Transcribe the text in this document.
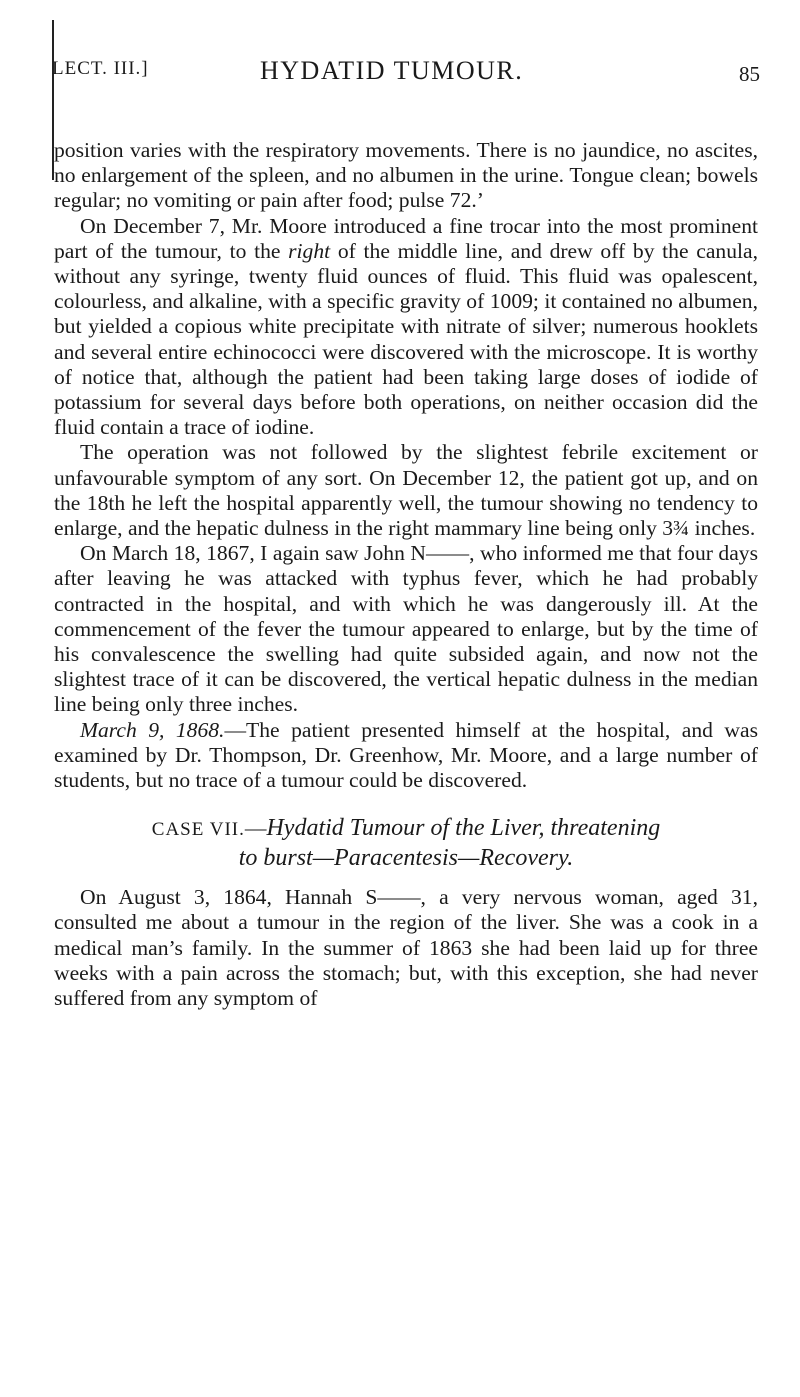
LECT. III.]	HYDATID TUMOUR.	85

position varies with the respiratory movements. There is no jaundice, no ascites, no enlargement of the spleen, and no albumen in the urine. Tongue clean; bowels regular; no vomiting or pain after food; pulse 72.’

On December 7, Mr. Moore introduced a fine trocar into the most prominent part of the tumour, to the right of the middle line, and drew off by the canula, without any syringe, twenty fluid ounces of fluid. This fluid was opalescent, colourless, and alkaline, with a specific gravity of 1009; it contained no albumen, but yielded a copious white precipitate with nitrate of silver; numerous hooklets and several entire echinococci were discovered with the microscope. It is worthy of notice that, although the patient had been taking large doses of iodide of potassium for several days before both operations, on neither occasion did the fluid contain a trace of iodine.

The operation was not followed by the slightest febrile excitement or unfavourable symptom of any sort. On December 12, the patient got up, and on the 18th he left the hospital apparently well, the tumour showing no tendency to enlarge, and the hepatic dulness in the right mammary line being only 3¾ inches.

On March 18, 1867, I again saw John N——, who informed me that four days after leaving he was attacked with typhus fever, which he had probably contracted in the hospital, and with which he was dangerously ill. At the commencement of the fever the tumour appeared to enlarge, but by the time of his convalescence the swelling had quite subsided again, and now not the slightest trace of it can be discovered, the vertical hepatic dulness in the median line being only three inches.

March 9, 1868.—The patient presented himself at the hospital, and was examined by Dr. Thompson, Dr. Greenhow, Mr. Moore, and a large number of students, but no trace of a tumour could be discovered.

CASE VII.—Hydatid Tumour of the Liver, threatening

to burst—Paracentesis—Recovery.

On August 3, 1864, Hannah S——, a very nervous woman, aged 31, consulted me about a tumour in the region of the liver. She was a cook in a medical man’s family. In the summer of 1863 she had been laid up for three weeks with a pain across the stomach; but, with this exception, she had never suffered from any symptom of
